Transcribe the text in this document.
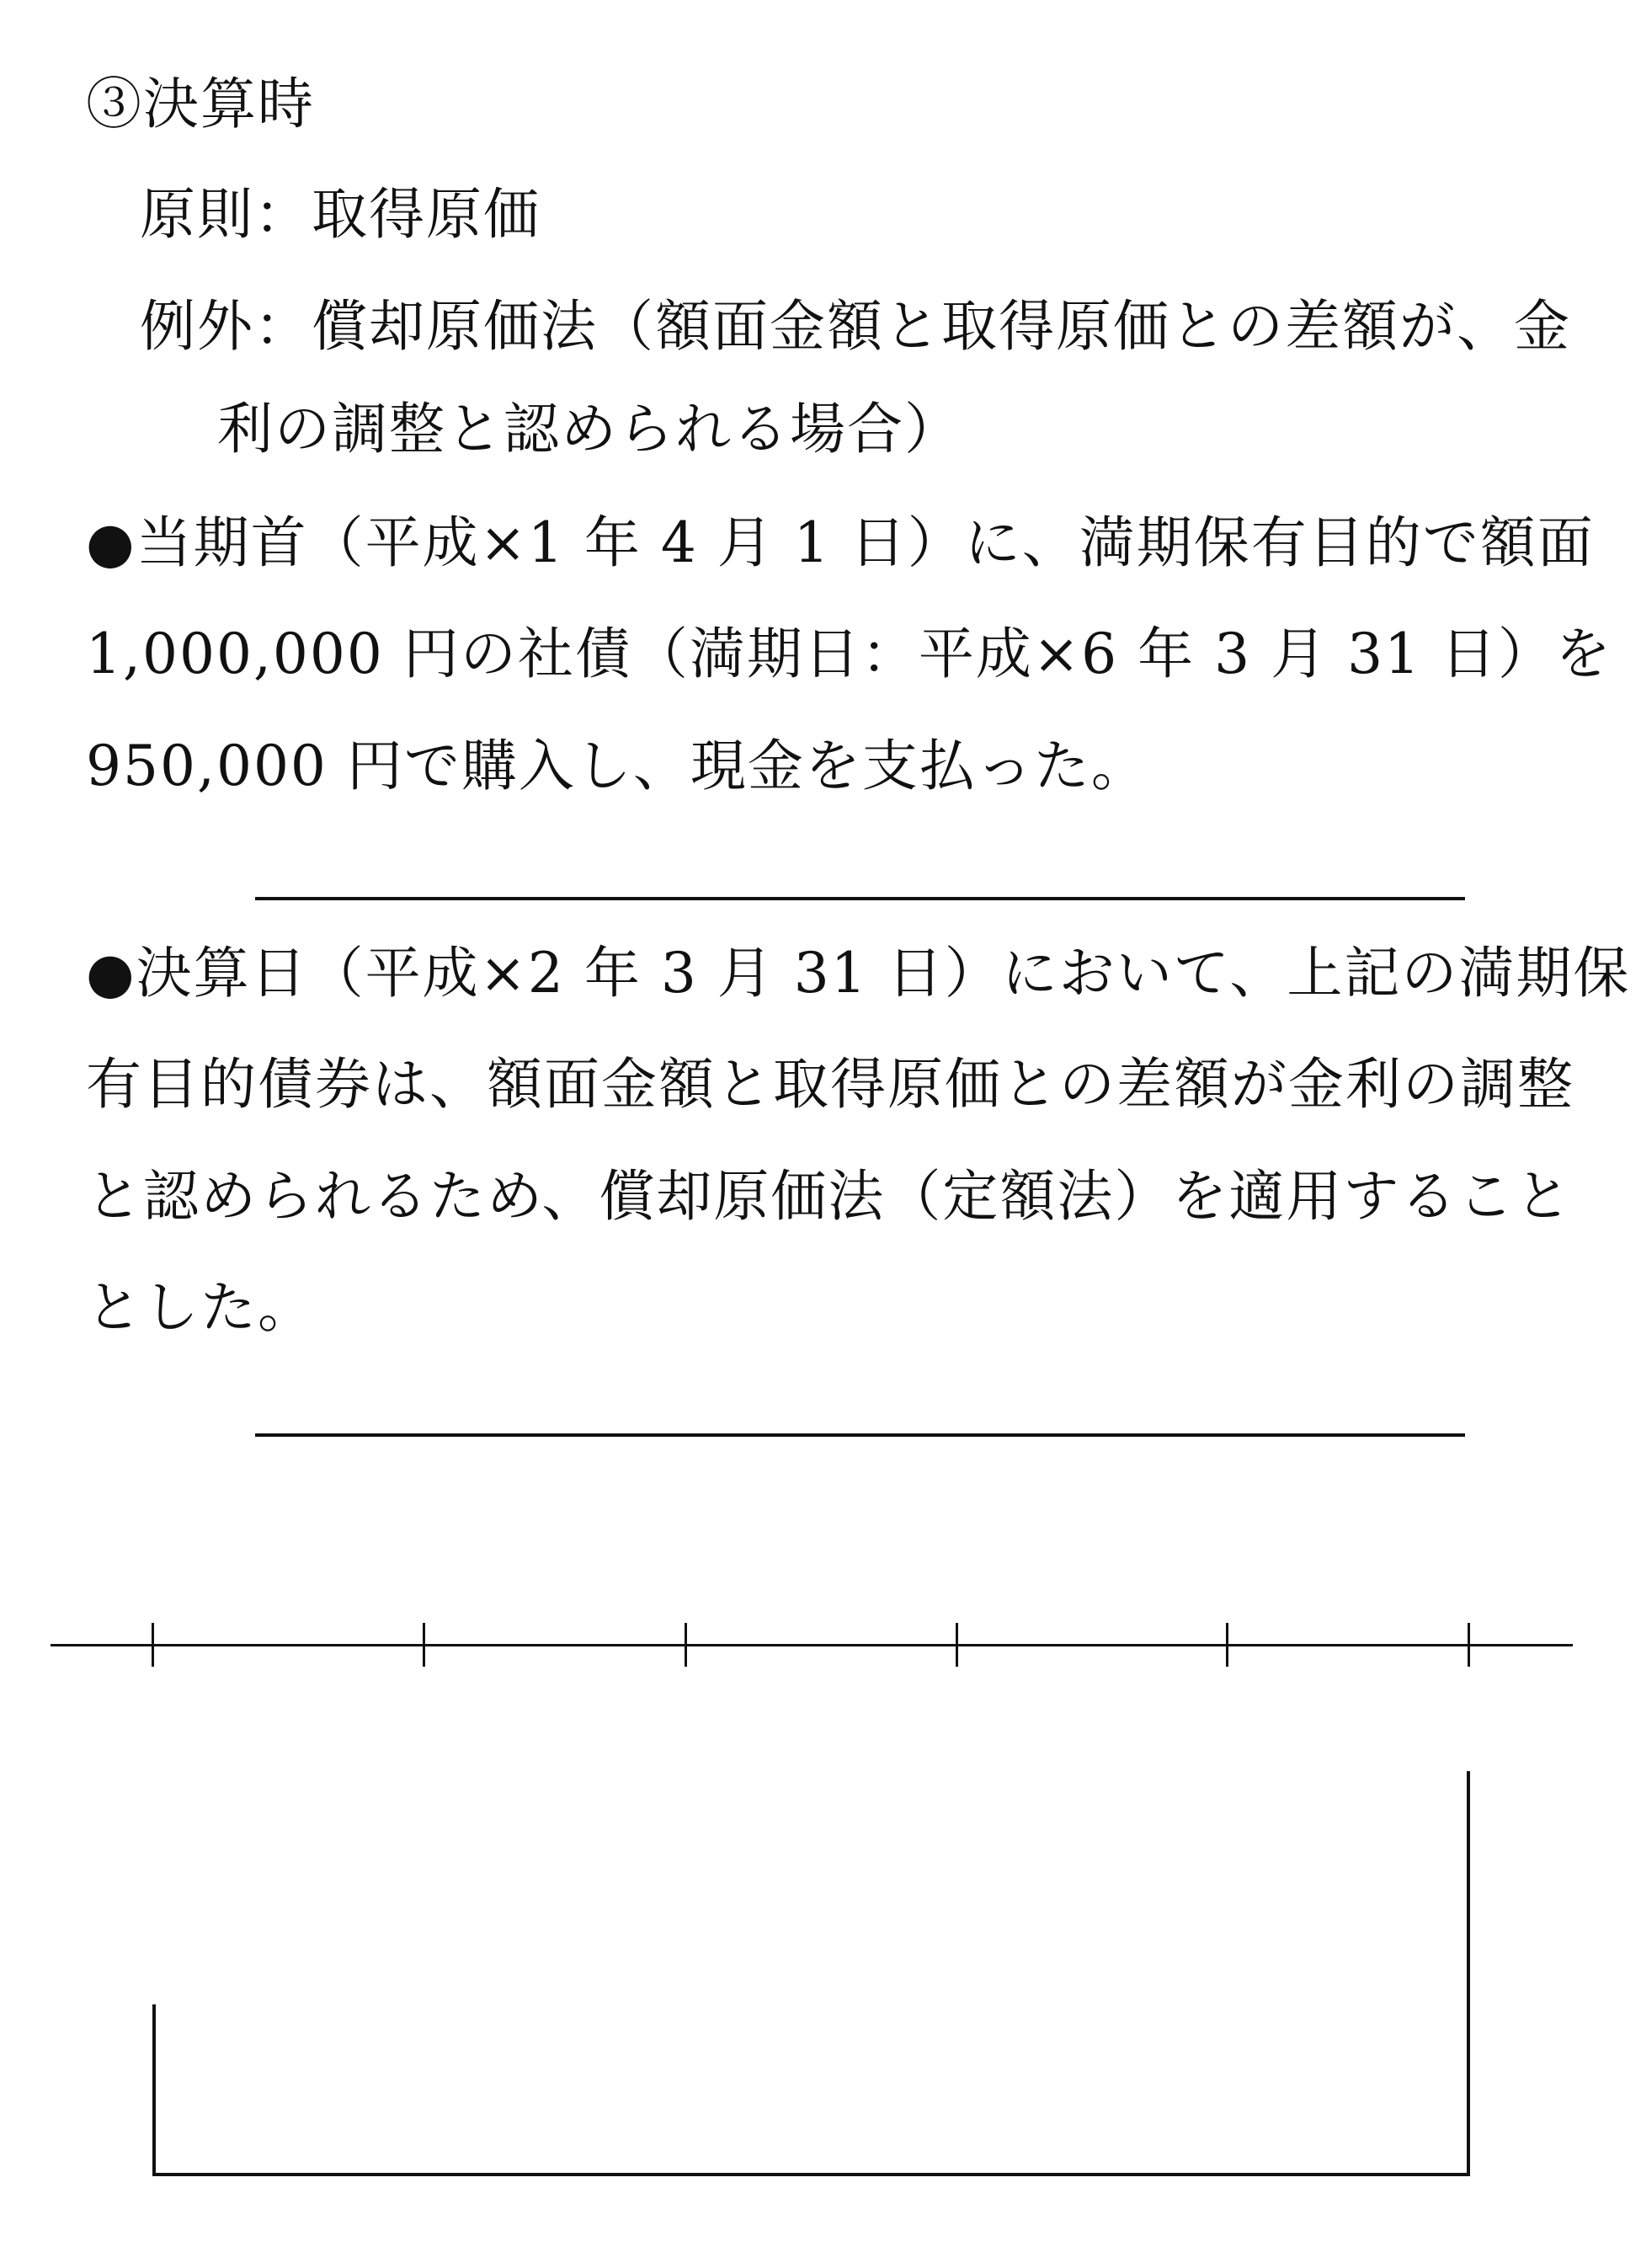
③決算時
原則：取得原価
例外：償却原価法（額面金額と取得原価との差額が、金
利の調整と認められる場合）
●当期首（平成×1 年 4 月 1 日）に、満期保有目的で額面
1,000,000 円の社債（満期日：平成×6 年 3 月 31 日）を
950,000 円で購入し、現金を支払った。
●決算日（平成×2 年 3 月 31 日）において、上記の満期保
有目的債券は、額面金額と取得原価との差額が金利の調整
と認められるため、償却原価法（定額法）を適用すること
とした。
